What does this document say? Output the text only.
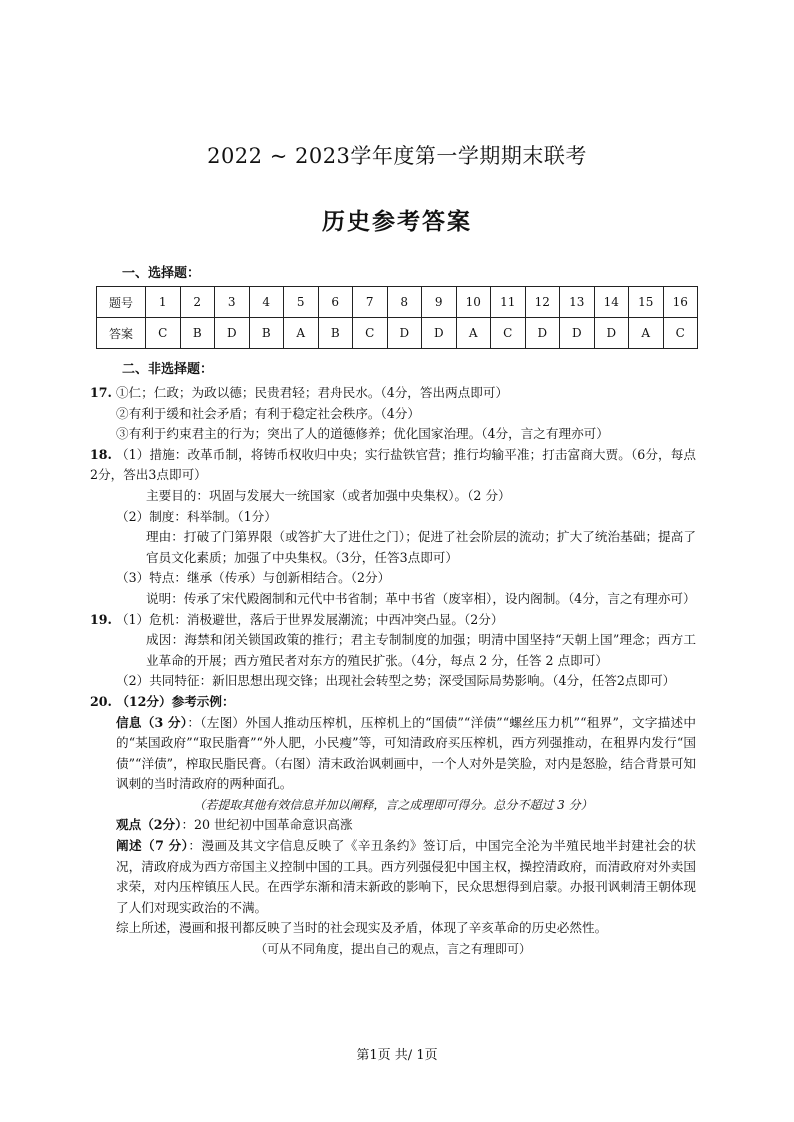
2022 ~ 2023学年度第一学期期末联考
历史参考答案
一、选择题：
题号	1	2	3	4	5	6	7	8	9	10	11	12	13	14	15	16
答案	C	B	D	B	A	B	C	D	D	A	C	D	D	D	A	C
二、非选择题：

17. ①仁；仁政；为政以德；民贵君轻；君舟民水。（4分，答出两点即可）

②有利于缓和社会矛盾；有利于稳定社会秩序。（4分）

③有利于约束君主的行为；突出了人的道德修养；优化国家治理。（4分，言之有理亦可）

18. （1）措施：改革币制，将铸币权收归中央；实行盐铁官营；推行均输平准；打击富商大贾。（6分，每点2分，答出3点即可）

主要目的：巩固与发展大一统国家（或者加强中央集权）。（2 分）

（2）制度：科举制。（1分）

理由：打破了门第界限（或答扩大了进仕之门）；促进了社会阶层的流动；扩大了统治基础；提高了官员文化素质；加强了中央集权。（3分，任答3点即可）

（3）特点：继承（传承）与创新相结合。（2分）

说明：传承了宋代殿阁制和元代中书省制；革中书省（废宰相），设内阁制。（4分，言之有理亦可）

19. （1）危机：消极避世，落后于世界发展潮流；中西冲突凸显。（2分）

成因：海禁和闭关锁国政策的推行；君主专制制度的加强；明清中国坚持“天朝上国”理念；西方工业革命的开展；西方殖民者对东方的殖民扩张。（4分，每点 2 分，任答 2 点即可）

（2）共同特征：新旧思想出现交锋；出现社会转型之势；深受国际局势影响。（4分，任答2点即可）

20. （12分）参考示例：

信息（3 分）：（左图）外国人推动压榨机，压榨机上的“国债”“洋债”“螺丝压力机”“租界”，文字描述中的“某国政府”“取民脂膏”“外人肥，小民瘦”等，可知清政府买压榨机，西方列强推动，在租界内发行“国债”“洋债”，榨取民脂民膏。（右图）清末政治讽刺画中，一个人对外是笑脸，对内是怒脸，结合背景可知讽刺的当时清政府的两种面孔。

（若提取其他有效信息并加以阐释，言之成理即可得分。总分不超过 3 分）

观点（2分）：20 世纪初中国革命意识高涨

阐述（7 分）：漫画及其文字信息反映了《辛丑条约》签订后，中国完全沦为半殖民地半封建社会的状况，清政府成为西方帝国主义控制中国的工具。西方列强侵犯中国主权，操控清政府，而清政府对外卖国求荣，对内压榨镇压人民。在西学东渐和清末新政的影响下，民众思想得到启蒙。办报刊讽刺清王朝体现了人们对现实政治的不满。

综上所述，漫画和报刊都反映了当时的社会现实及矛盾，体现了辛亥革命的历史必然性。

（可从不同角度，提出自己的观点，言之有理即可）

第1页 共/ 1页
